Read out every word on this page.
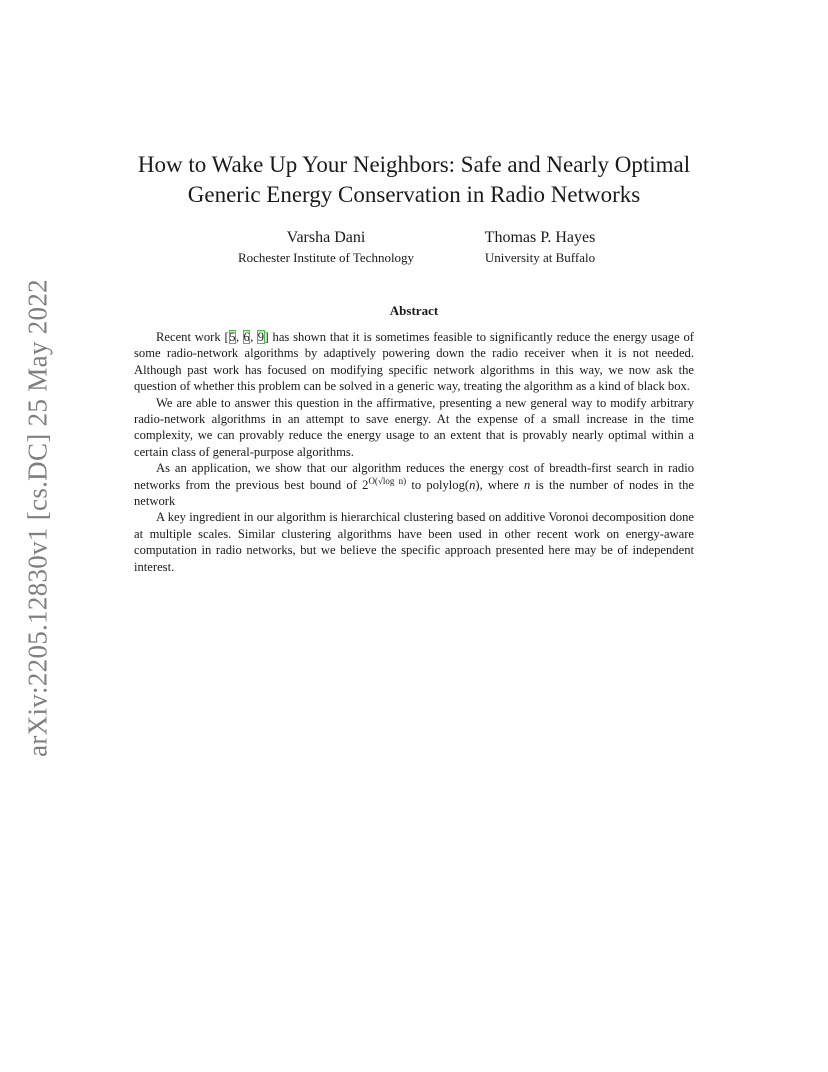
arXiv:2205.12830v1 [cs.DC] 25 May 2022
How to Wake Up Your Neighbors: Safe and Nearly Optimal
Generic Energy Conservation in Radio Networks
Varsha Dani
Rochester Institute of Technology
Thomas P. Hayes
University at Buffalo
Abstract

Recent work [5, 6, 9] has shown that it is sometimes feasible to significantly reduce the energy usage of some radio-network algorithms by adaptively powering down the radio receiver when it is not needed. Although past work has focused on modifying specific network algorithms in this way, we now ask the question of whether this problem can be solved in a generic way, treating the algorithm as a kind of black box.

We are able to answer this question in the affirmative, presenting a new general way to modify arbitrary radio-network algorithms in an attempt to save energy. At the expense of a small increase in the time complexity, we can provably reduce the energy usage to an extent that is provably nearly optimal within a certain class of general-purpose algorithms.

As an application, we show that our algorithm reduces the energy cost of breadth-first search in radio networks from the previous best bound of $2^{O(√log n)}$ to polylog(n), where n is the number of nodes in the network

A key ingredient in our algorithm is hierarchical clustering based on additive Voronoi decomposition done at multiple scales. Similar clustering algorithms have been used in other recent work on energy-aware computation in radio networks, but we believe the specific approach presented here may be of independent interest.
